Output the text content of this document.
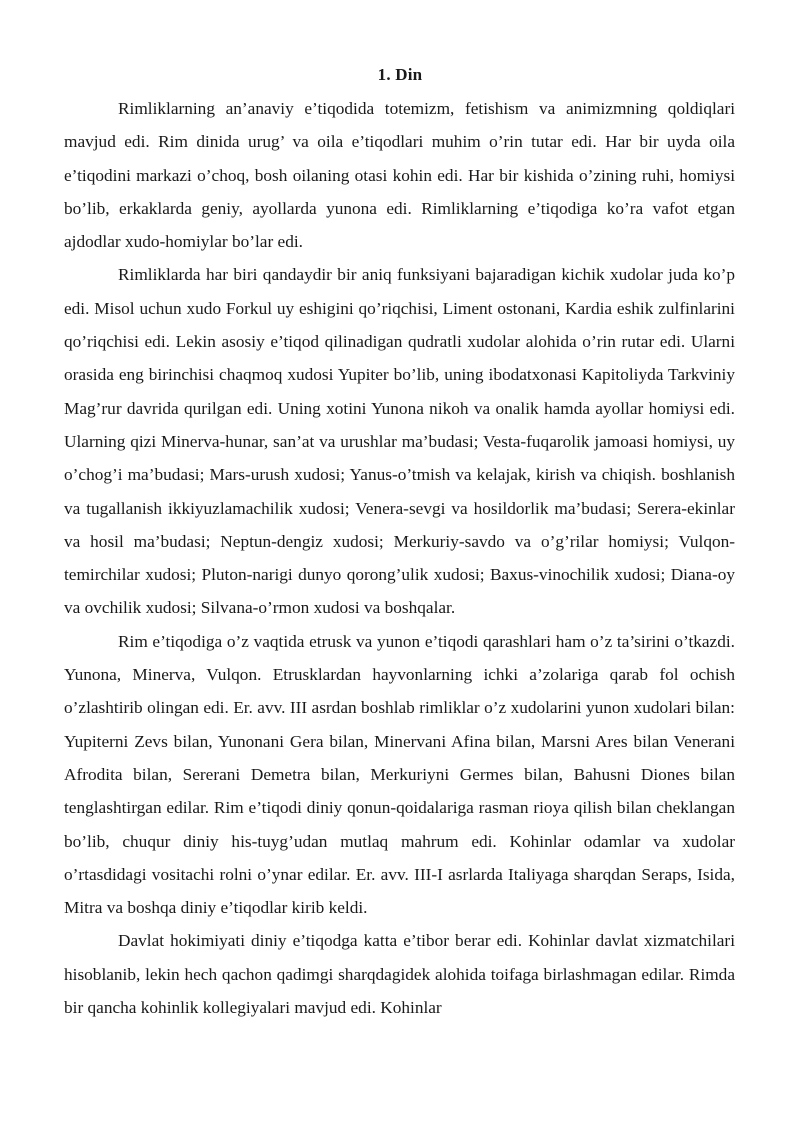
1. Din

Rimliklarning an’anaviy e’tiqodida totemizm, fetishism va animizmning qoldiqlari mavjud edi. Rim dinida urug’ va oila e’tiqodlari muhim o’rin tutar edi. Har bir uyda oila e’tiqodini markazi o’choq, bosh oilaning otasi kohin edi. Har bir kishida o’zining ruhi, homiysi bo’lib, erkaklarda geniy, ayollarda yunona edi. Rimliklarning e’tiqodiga ko’ra vafot etgan ajdodlar xudo-homiylar bo’lar edi.

Rimliklarda har biri qandaydir bir aniq funksiyani bajaradigan kichik xudolar juda ko’p edi. Misol uchun xudo Forkul uy eshigini qo’riqchisi, Liment ostonani, Kardia eshik zulfinlarini qo’riqchisi edi. Lekin asosiy e’tiqod qilinadigan qudratli xudolar alohida o’rin rutar edi. Ularni orasida eng birinchisi chaqmoq xudosi Yupiter bo’lib, uning ibodatxonasi Kapitoliyda Tarkviniy Mag’rur davrida qurilgan edi. Uning xotini Yunona nikoh va onalik hamda ayollar homiysi edi. Ularning qizi Minerva-hunar, san’at va urushlar ma’budasi; Vesta-fuqarolik jamoasi homiysi, uy o’chog’i ma’budasi; Mars-urush xudosi; Yanus-o’tmish va kelajak, kirish va chiqish. boshlanish va tugallanish ikkiyuzlamachilik xudosi; Venera-sevgi va hosildorlik ma’budasi; Serera-ekinlar va hosil ma’budasi; Neptun-dengiz xudosi; Merkuriy-savdo va o’g’rilar homiysi; Vulqon-temirchilar xudosi; Pluton-narigi dunyo qorong’ulik xudosi; Baxus-vinochilik xudosi; Diana-oy va ovchilik xudosi; Silvana-o’rmon xudosi va boshqalar.

Rim e’tiqodiga o’z vaqtida etrusk va yunon e’tiqodi qarashlari ham o’z ta’sirini o’tkazdi. Yunona, Minerva, Vulqon. Etrusklardan hayvonlarning ichki a’zolariga qarab fol ochish o’zlashtirib olingan edi. Er. avv. III asrdan boshlab rimliklar o’z xudolarini yunon xudolari bilan: Yupiterni Zevs bilan, Yunonani Gera bilan, Minervani Afina bilan, Marsni Ares bilan Venerani Afrodita bilan, Sererani Demetra bilan, Merkuriyni Germes bilan, Bahusni Diones bilan tenglashtirgan edilar. Rim e’tiqodi diniy qonun-qoidalariga rasman rioya qilish bilan cheklangan bo’lib, chuqur diniy his-tuyg’udan mutlaq mahrum edi. Kohinlar odamlar va xudolar o’rtasdidagi vositachi rolni o’ynar edilar. Er. avv. III-I asrlarda Italiyaga sharqdan Seraps, Isida, Mitra va boshqa diniy e’tiqodlar kirib keldi.

Davlat hokimiyati diniy e’tiqodga katta e’tibor berar edi. Kohinlar davlat xizmatchilari hisoblanib, lekin hech qachon qadimgi sharqdagidek alohida toifaga birlashmagan edilar. Rimda bir qancha kohinlik kollegiyalari mavjud edi. Kohinlar
